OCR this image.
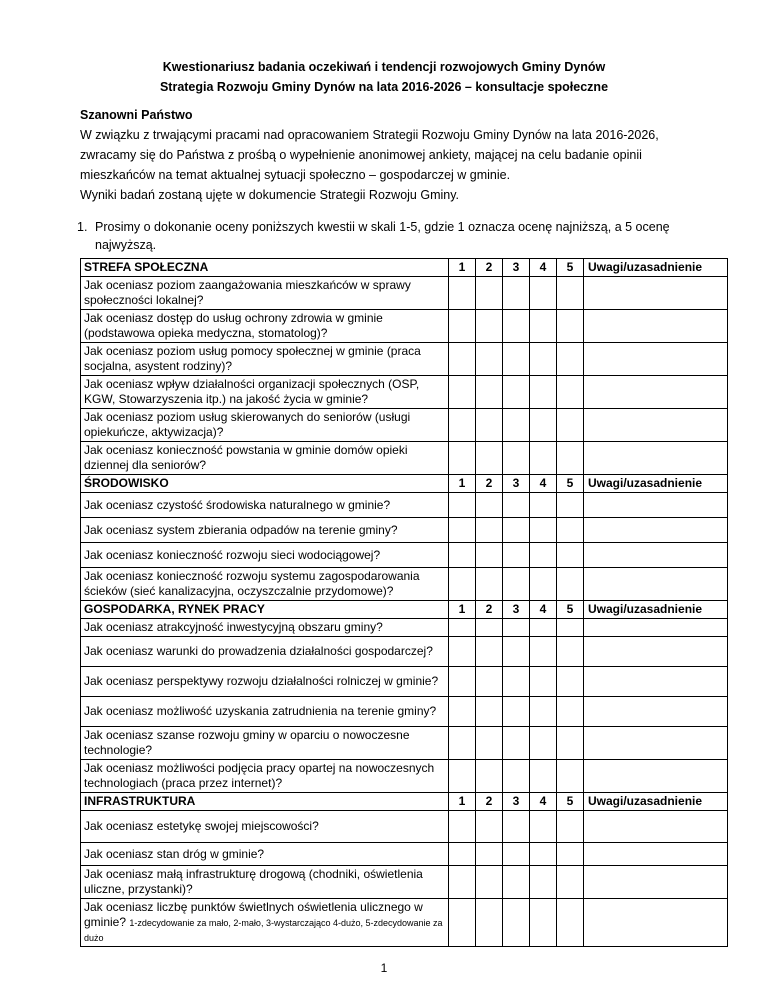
Kwestionariusz badania oczekiwań i tendencji rozwojowych Gminy Dynów
Strategia Rozwoju Gminy Dynów na lata 2016-2026 – konsultacje społeczne
Szanowni Państwo
W związku z trwającymi pracami nad opracowaniem Strategii Rozwoju Gminy Dynów na lata 2016-2026, zwracamy się do Państwa z prośbą o wypełnienie anonimowej ankiety, mającej na celu badanie opinii mieszkańców na temat aktualnej sytuacji społeczno – gospodarczej w gminie.
Wyniki badań zostaną ujęte w dokumencie Strategii Rozwoju Gminy.
1. Prosimy o dokonanie oceny poniższych kwestii w skali 1-5, gdzie 1 oznacza ocenę najniższą, a 5 ocenę najwyższą.
STREFA SPOŁECZNA	1	2	3	4	5	Uwagi/uzasadnienie
Jak oceniasz poziom zaangażowania mieszkańców w sprawy społeczności lokalnej?						
Jak oceniasz dostęp do usług ochrony zdrowia w gminie (podstawowa opieka medyczna, stomatolog)?						
Jak oceniasz poziom usług pomocy społecznej w gminie (praca socjalna, asystent rodziny)?						
Jak oceniasz wpływ działalności organizacji społecznych (OSP, KGW, Stowarzyszenia itp.) na jakość życia w gminie?						
Jak oceniasz poziom usług skierowanych do seniorów (usługi opiekuńcze, aktywizacja)?						
Jak oceniasz konieczność powstania w gminie domów opieki dziennej dla seniorów?						
ŚRODOWISKO	1	2	3	4	5	Uwagi/uzasadnienie
Jak oceniasz czystość środowiska naturalnego w gminie?						
Jak oceniasz system zbierania odpadów na terenie gminy?						
Jak oceniasz konieczność rozwoju sieci wodociągowej?						
Jak oceniasz konieczność rozwoju systemu zagospodarowania ścieków (sieć kanalizacyjna, oczyszczalnie przydomowe)?						
GOSPODARKA, RYNEK PRACY	1	2	3	4	5	Uwagi/uzasadnienie
Jak oceniasz atrakcyjność inwestycyjną obszaru gminy?						
Jak oceniasz warunki do prowadzenia działalności gospodarczej?						
Jak oceniasz perspektywy rozwoju działalności rolniczej w gminie?						
Jak oceniasz możliwość uzyskania zatrudnienia na terenie gminy?						
Jak oceniasz szanse rozwoju gminy w oparciu o nowoczesne technologie?						
Jak oceniasz możliwości podjęcia pracy opartej na nowoczesnych technologiach (praca przez internet)?						
INFRASTRUKTURA	1	2	3	4	5	Uwagi/uzasadnienie
Jak oceniasz estetykę swojej miejscowości?						
Jak oceniasz stan dróg w gminie?						
Jak oceniasz małą infrastrukturę drogową (chodniki, oświetlenia uliczne, przystanki)?						
Jak oceniasz liczbę punktów świetlnych oświetlenia ulicznego w gminie? 1-zdecydowanie za mało, 2-mało, 3-wystarczająco 4-dużo, 5-zdecydowanie za dużo						
1
